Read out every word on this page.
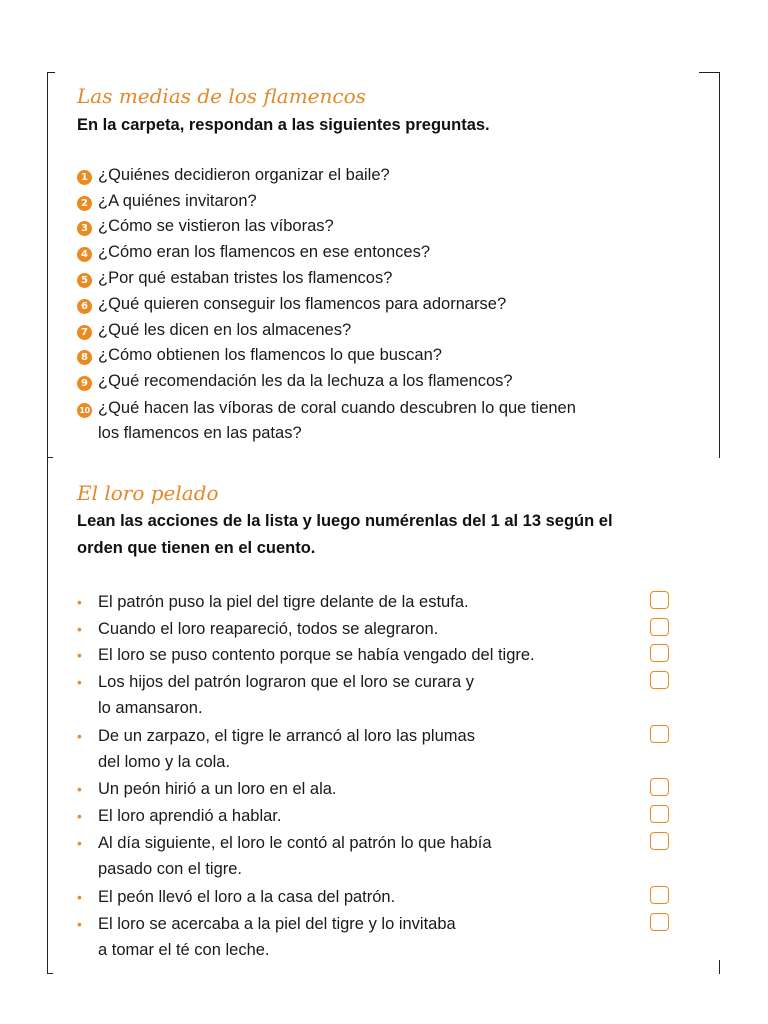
Las medias de los flamencos

En la carpeta, respondan a las siguientes preguntas.

1 ¿Quiénes decidieron organizar el baile?
2 ¿A quiénes invitaron?
3 ¿Cómo se vistieron las víboras?
4 ¿Cómo eran los flamencos en ese entonces?
5 ¿Por qué estaban tristes los flamencos?
6 ¿Qué quieren conseguir los flamencos para adornarse?
7 ¿Qué les dicen en los almacenes?
8 ¿Cómo obtienen los flamencos lo que buscan?
9 ¿Qué recomendación les da la lechuza a los flamencos?
10 ¿Qué hacen las víboras de coral cuando descubren lo que tienen
los flamencos en las patas?
El loro pelado
Lean las acciones de la lista y luego numérenlas del 1 al 13 según el
orden que tienen en el cuento.
• El patrón puso la piel del tigre delante de la estufa.
• Cuando el loro reapareció, todos se alegraron.
• El loro se puso contento porque se había vengado del tigre.
• Los hijos del patrón lograron que el loro se curara y
lo amansaron.
• De un zarpazo, el tigre le arrancó al loro las plumas
del lomo y la cola.
• Un peón hirió a un loro en el ala.
• El loro aprendió a hablar.
• Al día siguiente, el loro le contó al patrón lo que había
pasado con el tigre.
• El peón llevó el loro a la casa del patrón.
• El loro se acercaba a la piel del tigre y lo invitaba
a tomar el té con leche.
